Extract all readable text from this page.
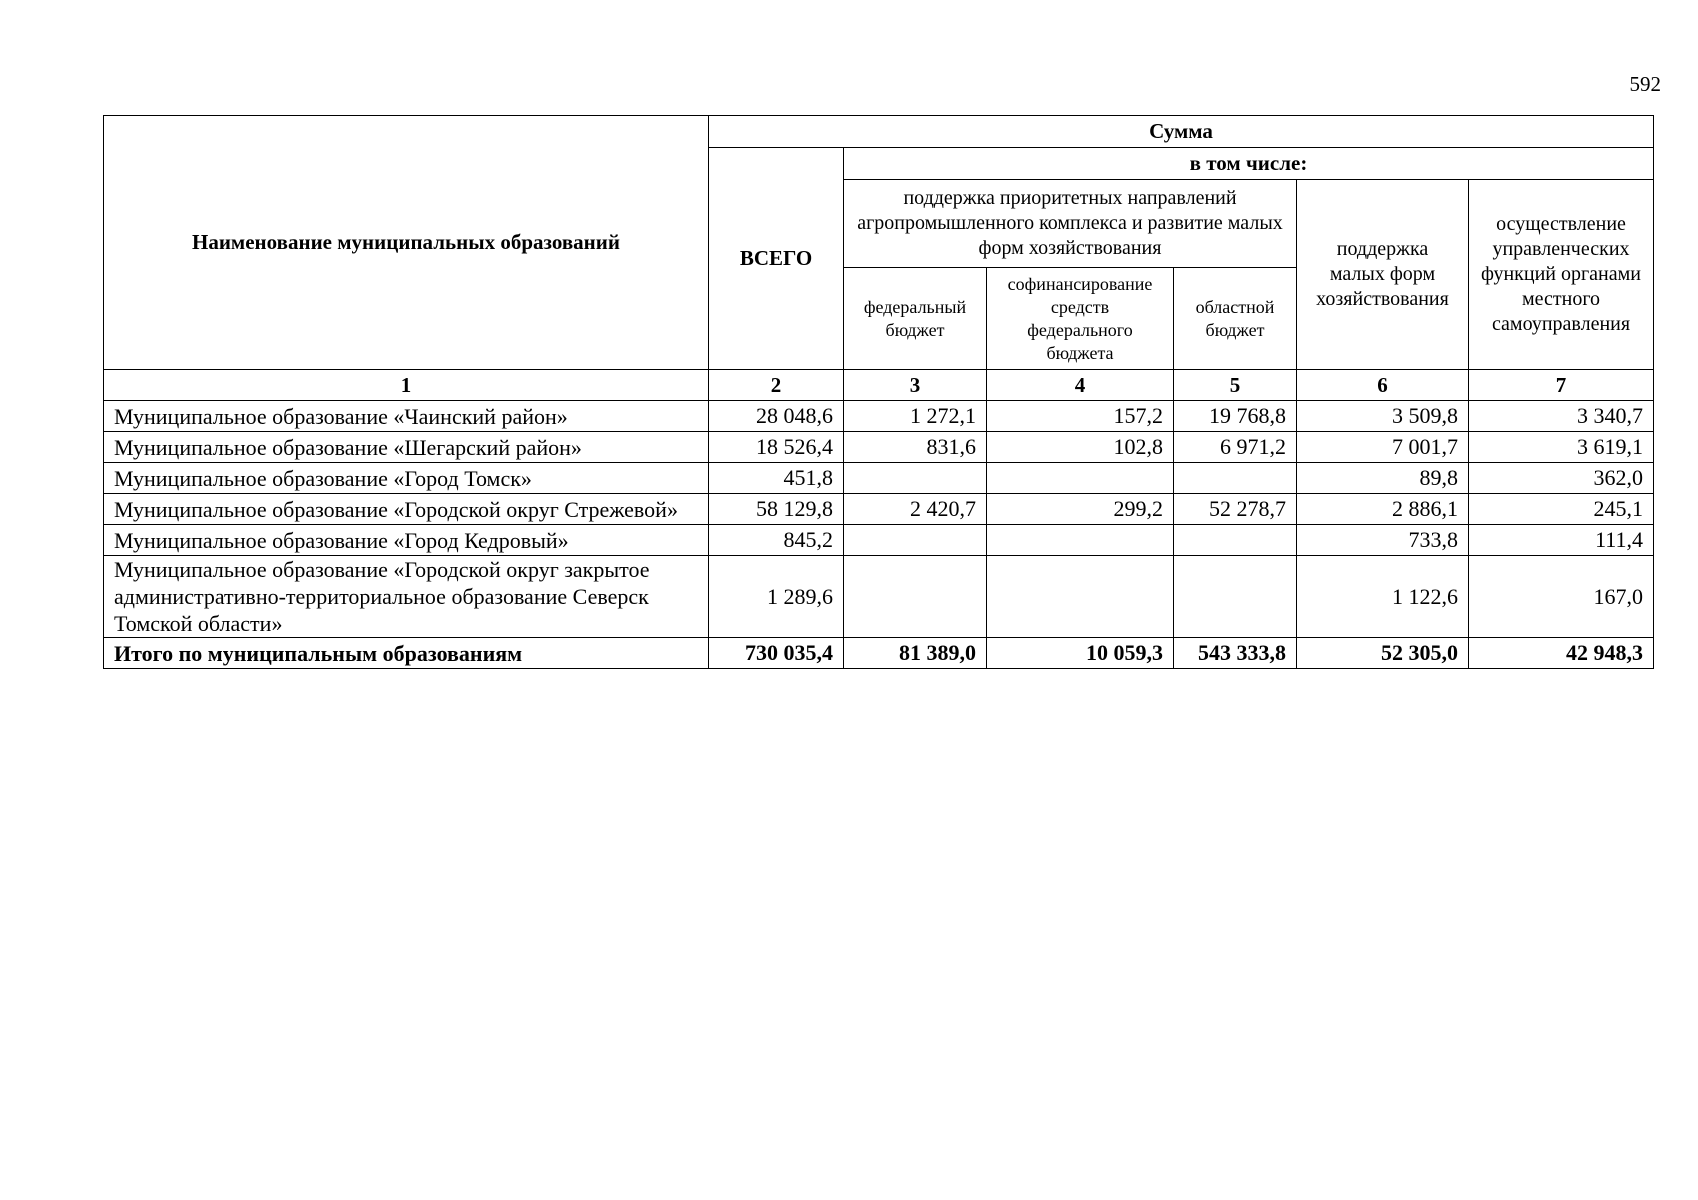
592
Наименование муниципальных образований	Сумма					
	ВСЕГО	в том числе:				
		поддержка приоритетных направлений агропромышленного комплекса и развитие малых форм хозяйствования			поддержка малых форм хозяйствования	осуществление управленческих функций органами местного самоуправления
		федеральный бюджет	софинансирование средств федерального бюджета	областной бюджет		

1	2	3	4	5	6	7
Муниципальное образование «Чаинский район»	28 048,6	1 272,1	157,2	19 768,8	3 509,8	3 340,7
Муниципальное образование «Шегарский район»	18 526,4	831,6	102,8	6 971,2	7 001,7	3 619,1
Муниципальное образование «Город Томск»	451,8				89,8	362,0
Муниципальное образование «Городской округ Стрежевой»	58 129,8	2 420,7	299,2	52 278,7	2 886,1	245,1
Муниципальное образование «Город Кедровый»	845,2				733,8	111,4
Муниципальное образование «Городской округ закрытое административно-территориальное образование Северск Томской области»	1 289,6				1 122,6	167,0
Итого по муниципальным образованиям	730 035,4	81 389,0	10 059,3	543 333,8	52 305,0	42 948,3
